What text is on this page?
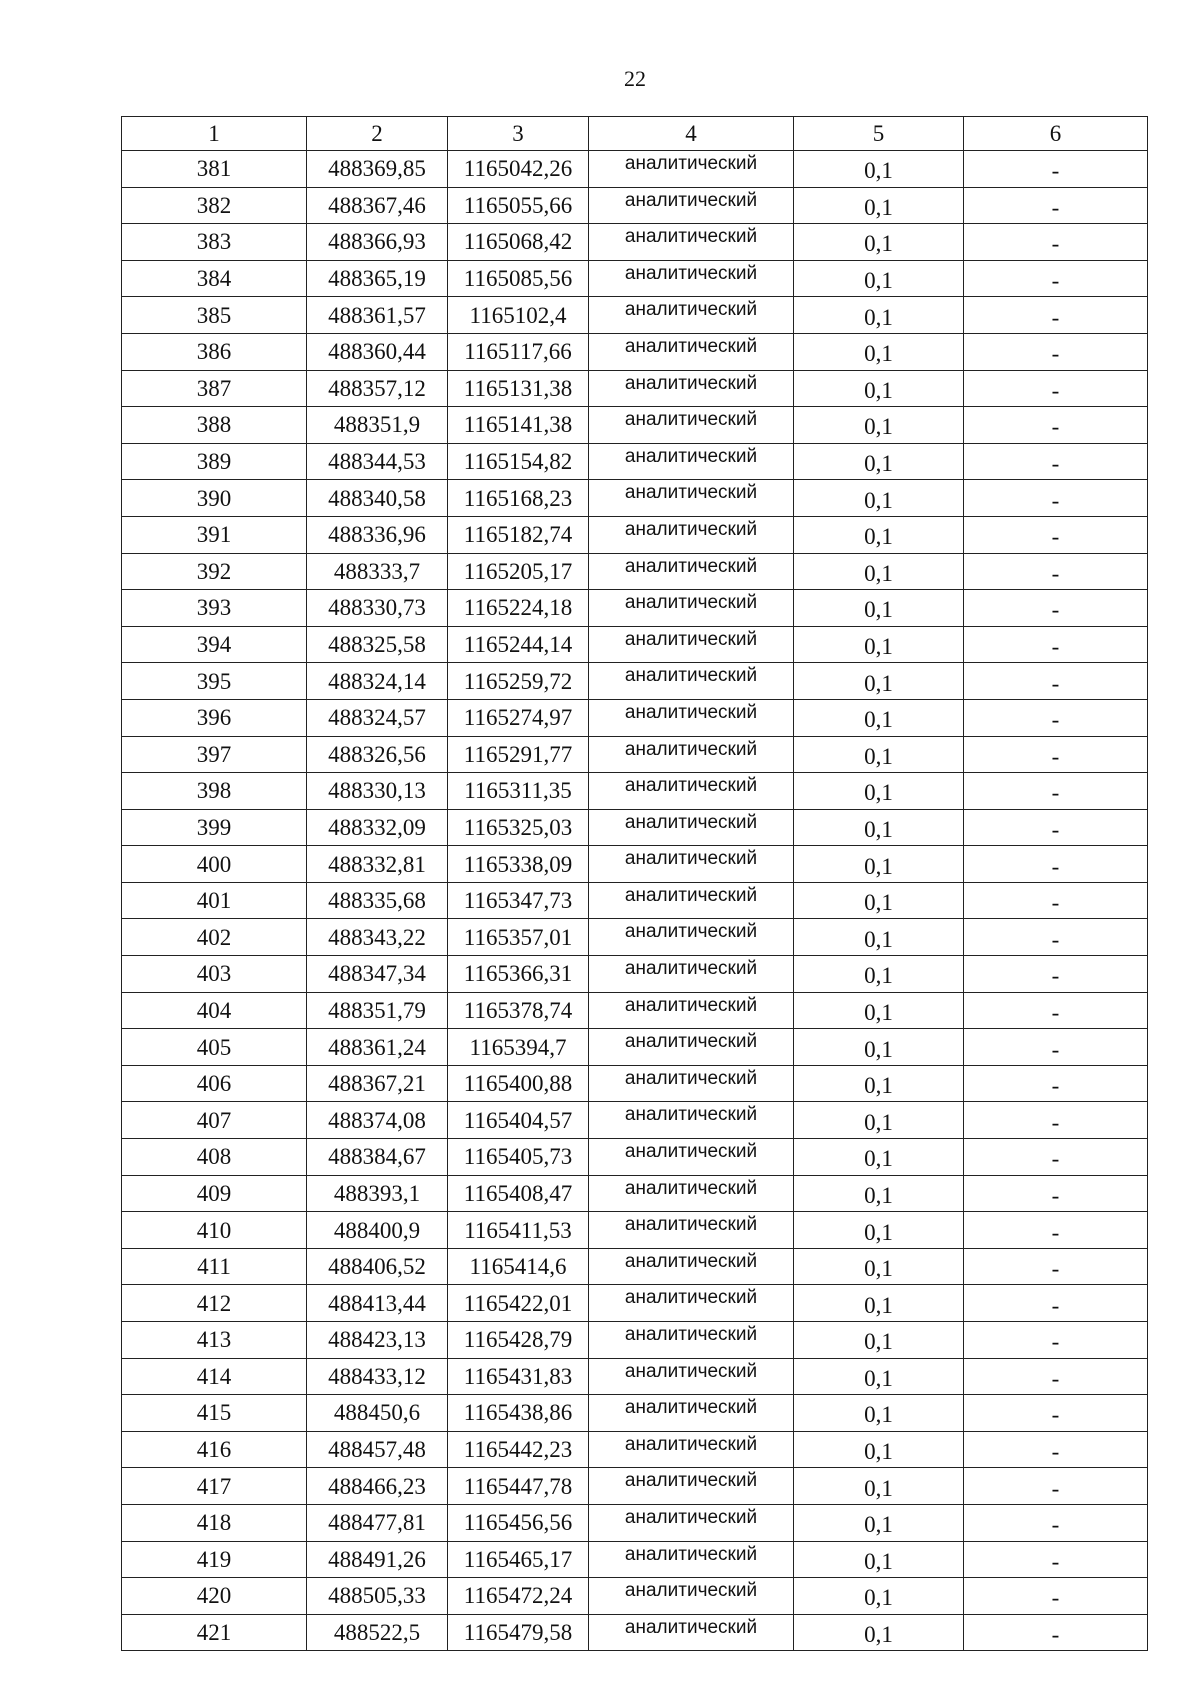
22
1	2	3	4	5	6
381	488369,85	1165042,26	аналитический	0,1	-
382	488367,46	1165055,66	аналитический	0,1	-
383	488366,93	1165068,42	аналитический	0,1	-
384	488365,19	1165085,56	аналитический	0,1	-
385	488361,57	1165102,4	аналитический	0,1	-
386	488360,44	1165117,66	аналитический	0,1	-
387	488357,12	1165131,38	аналитический	0,1	-
388	488351,9	1165141,38	аналитический	0,1	-
389	488344,53	1165154,82	аналитический	0,1	-
390	488340,58	1165168,23	аналитический	0,1	-
391	488336,96	1165182,74	аналитический	0,1	-
392	488333,7	1165205,17	аналитический	0,1	-
393	488330,73	1165224,18	аналитический	0,1	-
394	488325,58	1165244,14	аналитический	0,1	-
395	488324,14	1165259,72	аналитический	0,1	-
396	488324,57	1165274,97	аналитический	0,1	-
397	488326,56	1165291,77	аналитический	0,1	-
398	488330,13	1165311,35	аналитический	0,1	-
399	488332,09	1165325,03	аналитический	0,1	-
400	488332,81	1165338,09	аналитический	0,1	-
401	488335,68	1165347,73	аналитический	0,1	-
402	488343,22	1165357,01	аналитический	0,1	-
403	488347,34	1165366,31	аналитический	0,1	-
404	488351,79	1165378,74	аналитический	0,1	-
405	488361,24	1165394,7	аналитический	0,1	-
406	488367,21	1165400,88	аналитический	0,1	-
407	488374,08	1165404,57	аналитический	0,1	-
408	488384,67	1165405,73	аналитический	0,1	-
409	488393,1	1165408,47	аналитический	0,1	-
410	488400,9	1165411,53	аналитический	0,1	-
411	488406,52	1165414,6	аналитический	0,1	-
412	488413,44	1165422,01	аналитический	0,1	-
413	488423,13	1165428,79	аналитический	0,1	-
414	488433,12	1165431,83	аналитический	0,1	-
415	488450,6	1165438,86	аналитический	0,1	-
416	488457,48	1165442,23	аналитический	0,1	-
417	488466,23	1165447,78	аналитический	0,1	-
418	488477,81	1165456,56	аналитический	0,1	-
419	488491,26	1165465,17	аналитический	0,1	-
420	488505,33	1165472,24	аналитический	0,1	-
421	488522,5	1165479,58	аналитический	0,1	-
